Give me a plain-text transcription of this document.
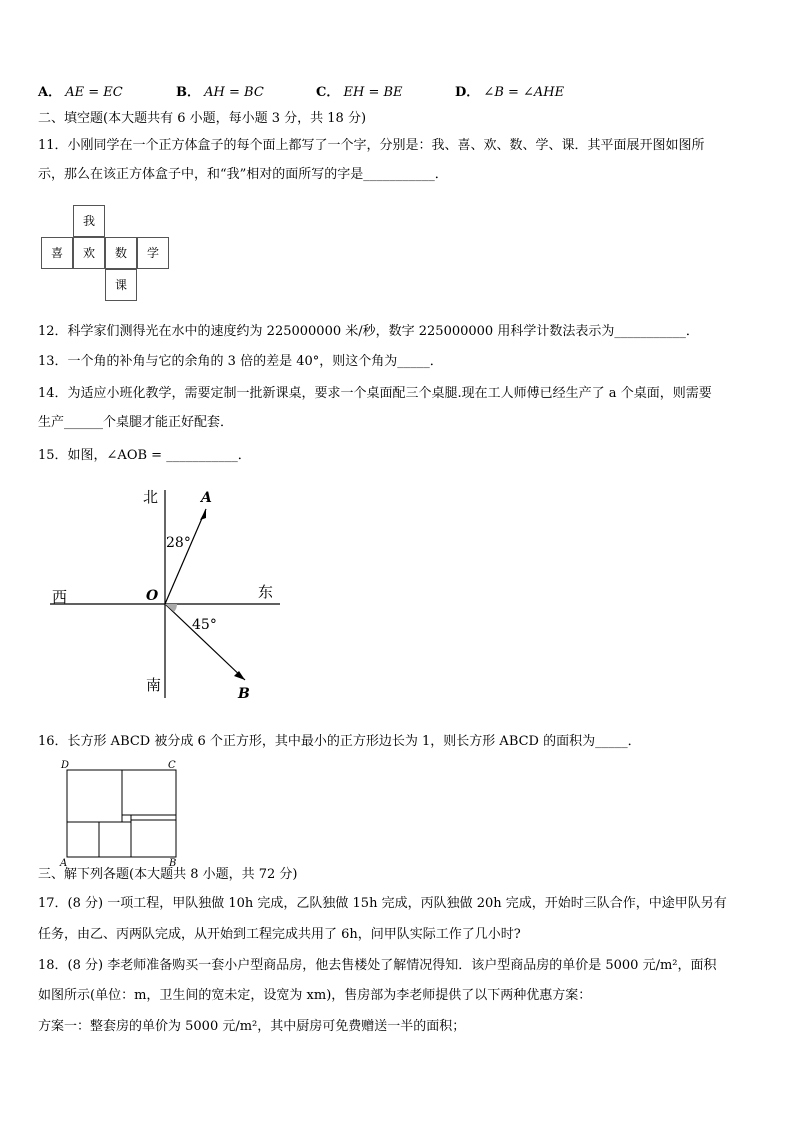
A． AE = EC	B． AH = BC	C． EH = BE	D． ∠B = ∠AHE
二、填空题(本大题共有 6 小题，每小题 3 分，共 18 分)
11．小刚同学在一个正方体盒子的每个面上都写了一个字，分别是：我、喜、欢、数、学、课．其平面展开图如图所
示，那么在该正方体盒子中，和“我”相对的面所写的字是___________．
我
喜	欢	数	学
课
12．科学家们测得光在水中的速度约为 225000000 米/秒，数字 225000000 用科学计数法表示为___________．
13．一个角的补角与它的余角的 3 倍的差是 40°，则这个角为_____．
14．为适应小班化教学，需要定制一批新课桌，要求一个桌面配三个桌腿.现在工人师傅已经生产了 a 个桌面，则需要
生产______个桌腿才能正好配套．
15．如图，∠AOB = ___________．
北	A
28°
西	O	东
45°
南	B
16．长方形 ABCD 被分成 6 个正方形，其中最小的正方形边长为 1，则长方形 ABCD 的面积为_____．
D	C
A	B
三、解下列各题(本大题共 8 小题，共 72 分)
17．(8 分) 一项工程，甲队独做 10h 完成，乙队独做 15h 完成，丙队独做 20h 完成，开始时三队合作，中途甲队另有
任务，由乙、丙两队完成，从开始到工程完成共用了 6h，问甲队实际工作了几小时?
18．(8 分) 李老师准备购买一套小户型商品房，他去售楼处了解情况得知．该户型商品房的单价是 5000 元/m²，面积
如图所示(单位：m，卫生间的宽未定，设宽为 xm)，售房部为李老师提供了以下两种优惠方案：
方案一：整套房的单价为 5000 元/m²，其中厨房可免费赠送一半的面积；
